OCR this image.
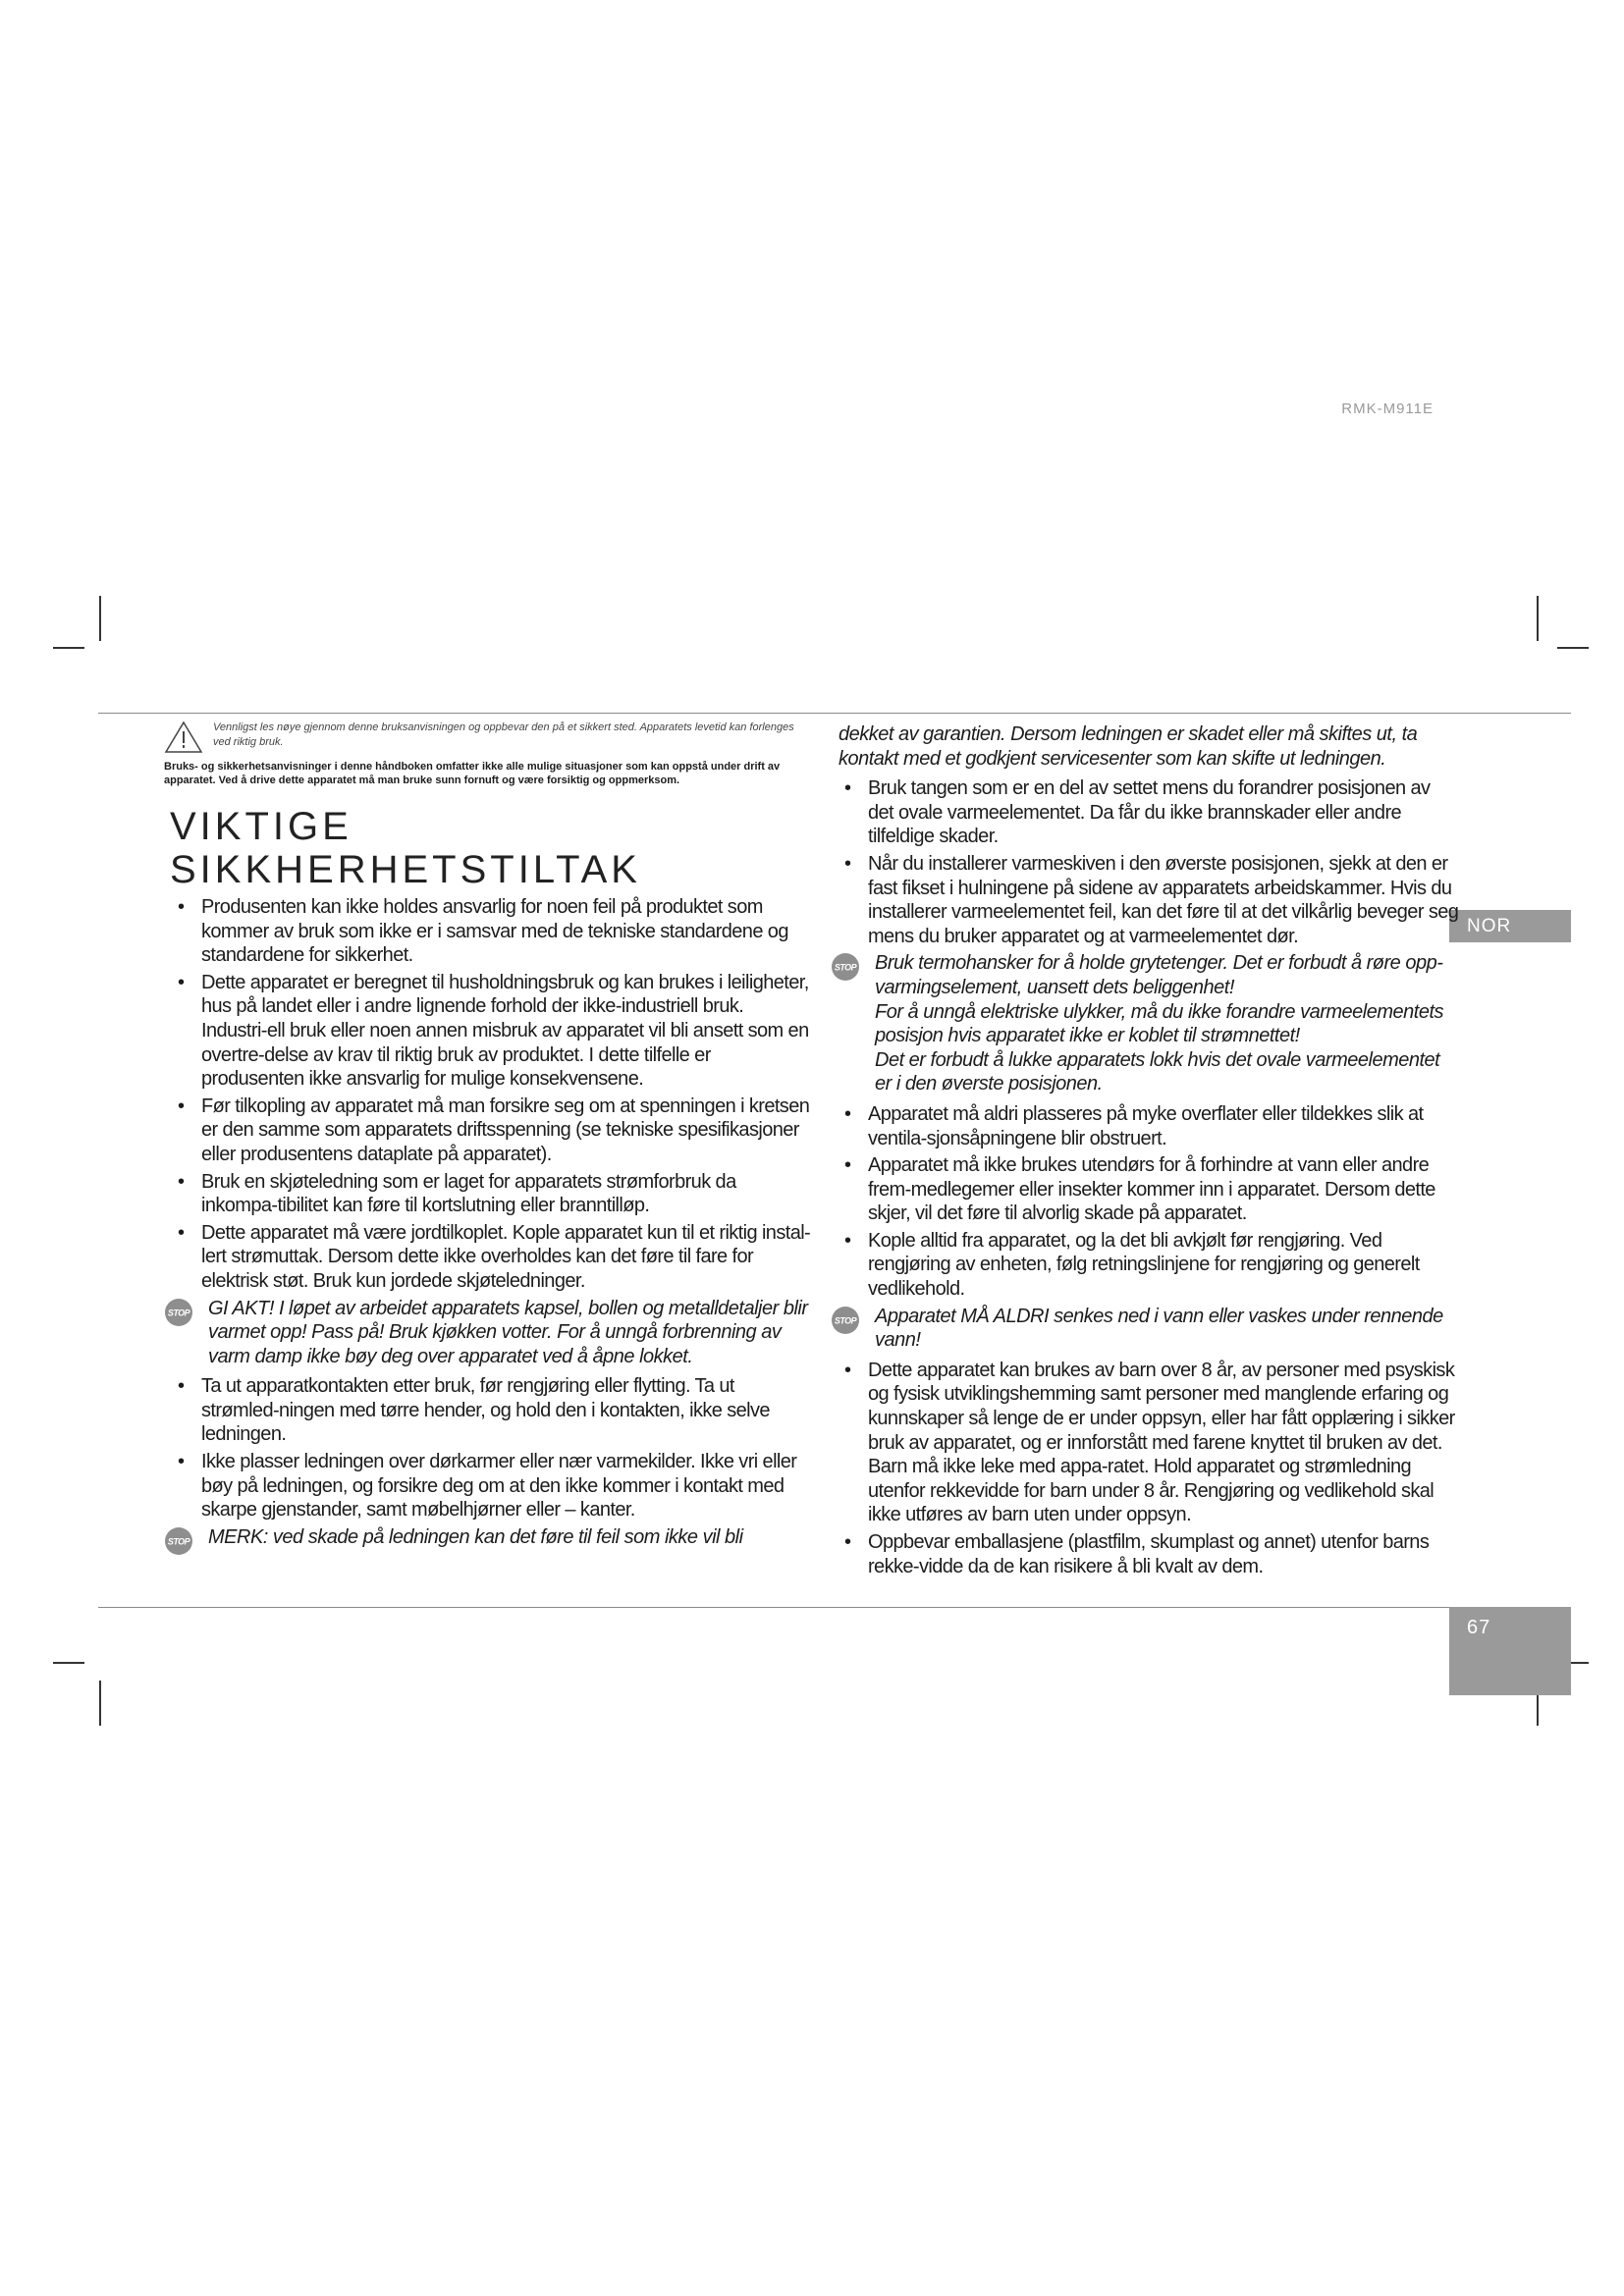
RMK-M911E
NOR
67
Vennligst les nøye gjennom denne bruksanvisningen og oppbevar den på et sikkert sted. Apparatets levetid kan forlenges ved riktig bruk.
Bruks- og sikkerhetsanvisninger i denne håndboken omfatter ikke alle mulige situasjoner som kan oppstå under drift av apparatet. Ved å drive dette apparatet må man bruke sunn fornuft og være forsiktig og oppmerksom.
VIKTIGE SIKKHERHETSTILTAK
• Produsenten kan ikke holdes ansvarlig for noen feil på produktet som kommer av bruk som ikke er i samsvar med de tekniske standardene og standardene for sikkerhet.
• Dette apparatet er beregnet til husholdningsbruk og kan brukes i leiligheter, hus på landet eller i andre lignende forhold der ikke-industriell bruk. Industri-ell bruk eller noen annen misbruk av apparatet vil bli ansett som en overtre-delse av krav til riktig bruk av produktet. I dette tilfelle er produsenten ikke ansvarlig for mulige konsekvensene.
• Før tilkopling av apparatet må man forsikre seg om at spenningen i kretsen er den samme som apparatets driftsspenning (se tekniske spesifikasjoner eller produsentens dataplate på apparatet).
• Bruk en skjøteledning som er laget for apparatets strømforbruk da inkompa-tibilitet kan føre til kortslutning eller branntilløp.
• Dette apparatet må være jordtilkoplet. Kople apparatet kun til et riktig instal-lert strømuttak. Dersom dette ikke overholdes kan det føre til fare for elektrisk støt. Bruk kun jordede skjøteledninger.
STOP GI AKT! I løpet av arbeidet apparatets kapsel, bollen og metalldetaljer blir varmet opp! Pass på! Bruk kjøkken votter. For å unngå forbrenning av varm damp ikke bøy deg over apparatet ved å åpne lokket.

• Ta ut apparatkontakten etter bruk, før rengjøring eller flytting. Ta ut strømled-ningen med tørre hender, og hold den i kontakten, ikke selve ledningen.
• Ikke plasser ledningen over dørkarmer eller nær varmekilder. Ikke vri eller bøy på ledningen, og forsikre deg om at den ikke kommer i kontakt med skarpe gjenstander, samt møbelhjørner eller – kanter.
STOP MERK: ved skade på ledningen kan det føre til feil som ikke vil bli

dekket av garantien. Dersom ledningen er skadet eller må skiftes ut, ta kontakt med et godkjent servicesenter som kan skifte ut ledningen.
• Bruk tangen som er en del av settet mens du forandrer posisjonen av det ovale varmeelementet. Da får du ikke brannskader eller andre tilfeldige skader.
• Når du installerer varmeskiven i den øverste posisjonen, sjekk at den er fast fikset i hulningene på sidene av apparatets arbeidskammer. Hvis du installerer varmeelementet feil, kan det føre til at det vilkårlig beveger seg mens du bruker apparatet og at varmeelementet dør.
STOP Bruk termohansker for å holde grytetenger. Det er forbudt å røre opp-varmingselement, uansett dets beliggenhet!

For å unngå elektriske ulykker, må du ikke forandre varmeelementets posisjon hvis apparatet ikke er koblet til strømnettet!

Det er forbudt å lukke apparatets lokk hvis det ovale varmeelementet er i den øverste posisjonen.

• Apparatet må aldri plasseres på myke overflater eller tildekkes slik at ventila-sjonsåpningene blir obstruert.
• Apparatet må ikke brukes utendørs for å forhindre at vann eller andre frem-medlegemer eller insekter kommer inn i apparatet. Dersom dette skjer, vil det føre til alvorlig skade på apparatet.
• Kople alltid fra apparatet, og la det bli avkjølt før rengjøring. Ved rengjøring av enheten, følg retningslinjene for rengjøring og generelt vedlikehold.
STOP Apparatet MÅ ALDRI senkes ned i vann eller vaskes under rennende vann!

• Dette apparatet kan brukes av barn over 8 år, av personer med psyskisk og fysisk utviklingshemming samt personer med manglende erfaring og kunnskaper så lenge de er under oppsyn, eller har fått opplæring i sikker bruk av apparatet, og er innforstått med farene knyttet til bruken av det. Barn må ikke leke med appa-ratet. Hold apparatet og strømledning utenfor rekkevidde for barn under 8 år. Rengjøring og vedlikehold skal ikke utføres av barn uten under oppsyn.
• Oppbevar emballasjene (plastfilm, skumplast og annet) utenfor barns rekke-vidde da de kan risikere å bli kvalt av dem.
